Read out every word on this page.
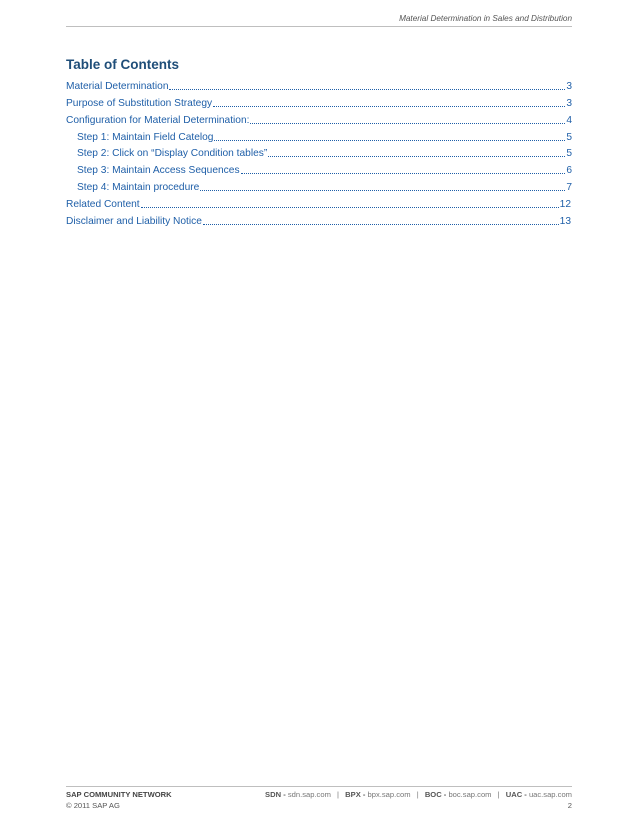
Material Determination in Sales and Distribution
Table of Contents
Material Determination	3
Purpose of Substitution Strategy	3
Configuration for Material Determination:	4
Step 1: Maintain Field Catelog	5
Step 2: Click on “Display Condition tables”	5
Step 3: Maintain Access Sequences	6
Step 4: Maintain procedure	7
Related Content	12
Disclaimer and Liability Notice	13
SAP COMMUNITY NETWORK	SDN - sdn.sap.com | BPX - bpx.sap.com | BOC - boc.sap.com | UAC - uac.sap.com
© 2011 SAP AG	2
